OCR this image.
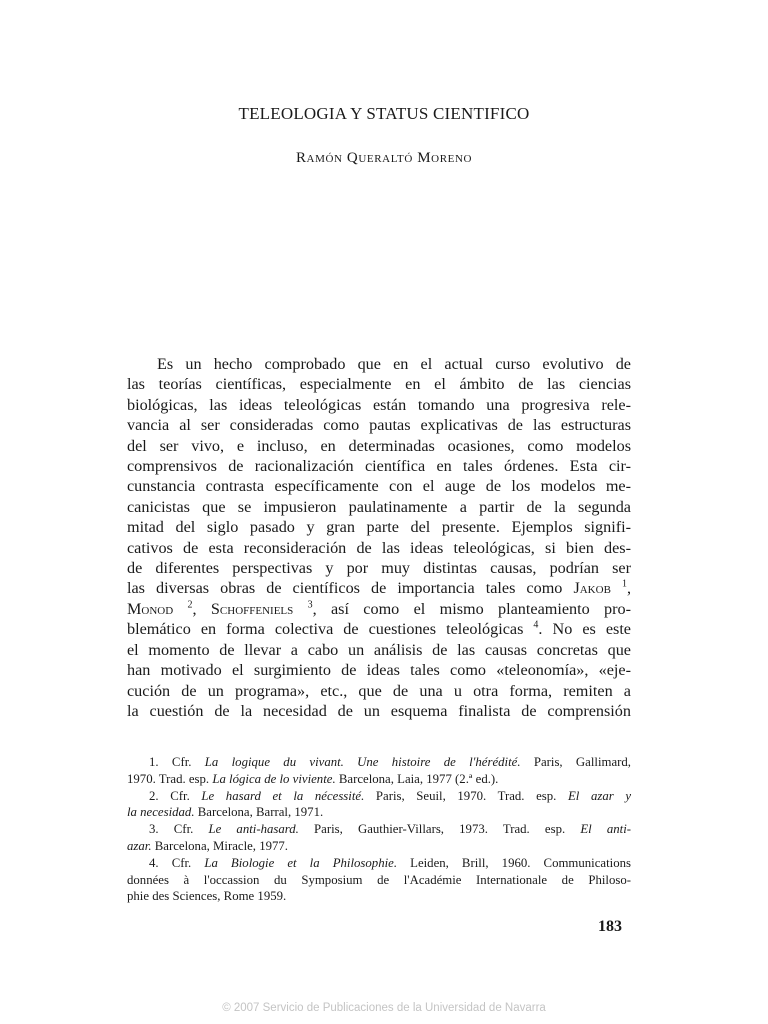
TELEOLOGIA Y STATUS CIENTIFICO
Ramón Queraltó Moreno
Es un hecho comprobado que en el actual curso evolutivo de
las teorías científicas, especialmente en el ámbito de las ciencias
biológicas, las ideas teleológicas están tomando una progresiva rele-
vancia al ser consideradas como pautas explicativas de las estructuras
del ser vivo, e incluso, en determinadas ocasiones, como modelos
comprensivos de racionalización científica en tales órdenes. Esta cir-
cunstancia contrasta específicamente con el auge de los modelos me-
canicistas que se impusieron paulatinamente a partir de la segunda
mitad del siglo pasado y gran parte del presente. Ejemplos signifi-
cativos de esta reconsideración de las ideas teleológicas, si bien des-
de diferentes perspectivas y por muy distintas causas, podrían ser
las diversas obras de científicos de importancia tales como Jakob $^1$,
Monod $^2$, Schoffeniels $^3$, así como el mismo planteamiento pro-
blemático en forma colectiva de cuestiones teleológicas $^4$. No es este
el momento de llevar a cabo un análisis de las causas concretas que
han motivado el surgimiento de ideas tales como «teleonomía», «eje-
cución de un programa», etc., que de una u otra forma, remiten a
la cuestión de la necesidad de un esquema finalista de comprensión
1. Cfr. La logique du vivant. Une histoire de l'hérédité. Paris, Gallimard,
1970. Trad. esp. La lógica de lo viviente. Barcelona, Laia, 1977 (2.ª ed.).
2. Cfr. Le hasard et la nécessité. Paris, Seuil, 1970. Trad. esp. El azar y
la necesidad. Barcelona, Barral, 1971.
3. Cfr. Le anti-hasard. Paris, Gauthier-Villars, 1973. Trad. esp. El anti-
azar. Barcelona, Miracle, 1977.
4. Cfr. La Biologie et la Philosophie. Leiden, Brill, 1960. Communications
données à l'occassion du Symposium de l'Académie Internationale de Philoso-
phie des Sciences, Rome 1959.
183
© 2007 Servicio de Publicaciones de la Universidad de Navarra
